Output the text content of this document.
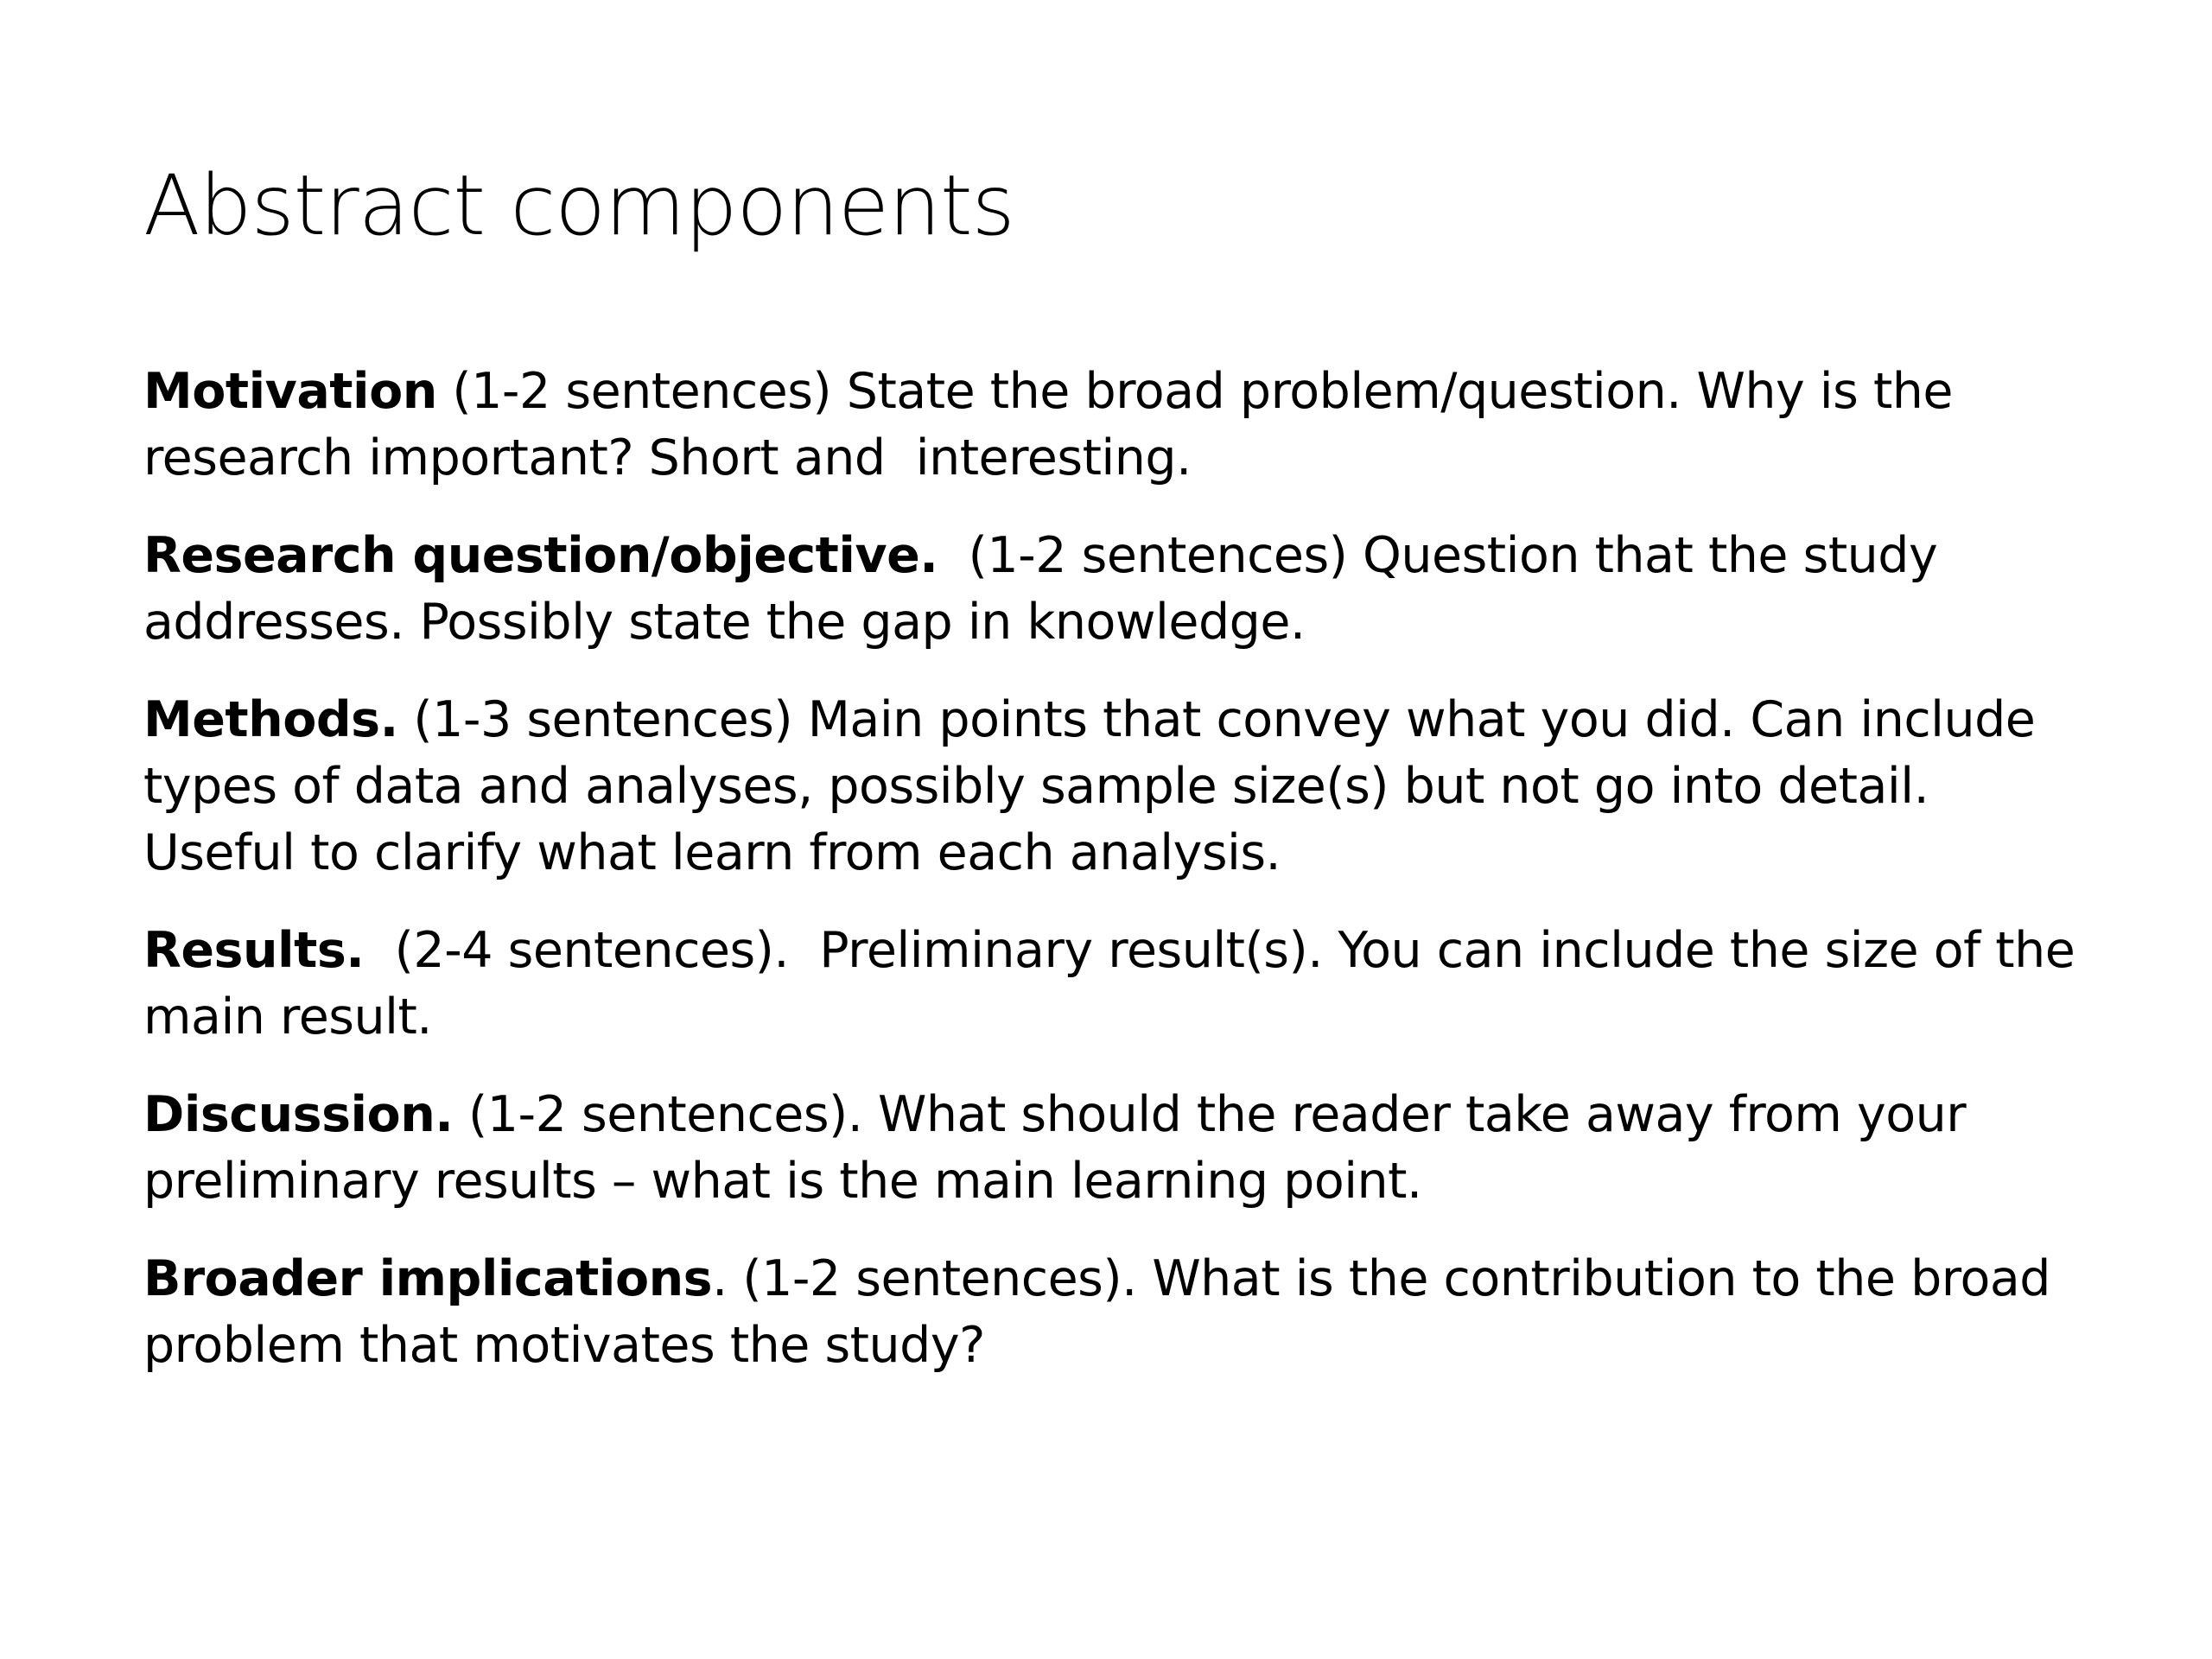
Abstract components

Motivation (1-2 sentences) State the broad problem/question. Why is the
research important? Short and  interesting.

Research question/objective.  (1-2 sentences) Question that the study
addresses. Possibly state the gap in knowledge.

Methods. (1-3 sentences) Main points that convey what you did. Can include
types of data and analyses, possibly sample size(s) but not go into detail.
Useful to clarify what learn from each analysis.

Results.  (2-4 sentences).  Preliminary result(s). You can include the size of the
main result.

Discussion. (1-2 sentences). What should the reader take away from your
preliminary results – what is the main learning point.

Broader implications. (1-2 sentences). What is the contribution to the broad
problem that motivates the study?
